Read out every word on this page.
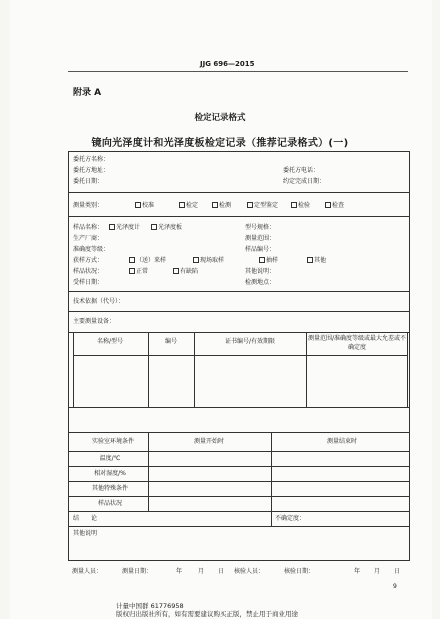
JJG 696—2015
附录 A
检定记录格式
镜向光泽度计和光泽度板检定记录（推荐记录格式）(一)
委托方名称：
委托方地址：	委托方电话：
委托日期：	约定完成日期：
测量类别：	校准	检定	检测	定型鉴定	检验	检查
样品名称：	光泽度计	光泽度板	型号规格：
生产厂商：	测量范围：
准确度等级：	样品编号：
获样方式：	（送）来样	现场取样	抽样	其他
样品状况：	正常	有缺陷	其他说明：
受样日期：	检测地点：
技术依据（代号）：
主要测量设备：
名称/型号	编号	证书编号/有效期限	测量范围/准确度等级或最大允差或不确定度
实验室环境条件	测量开始时	测量结束时
温度/℃
相对湿度/%
其他特殊条件
样品状况
结　　论	不确定度：
其他说明
测量人员：	测量日期：	年	月 日 核验人员：	核验日期：	年 月 日
9
计量中国群 61776958
版权归出版社所有，如有需要建议购买正版，禁止用于商业用途
